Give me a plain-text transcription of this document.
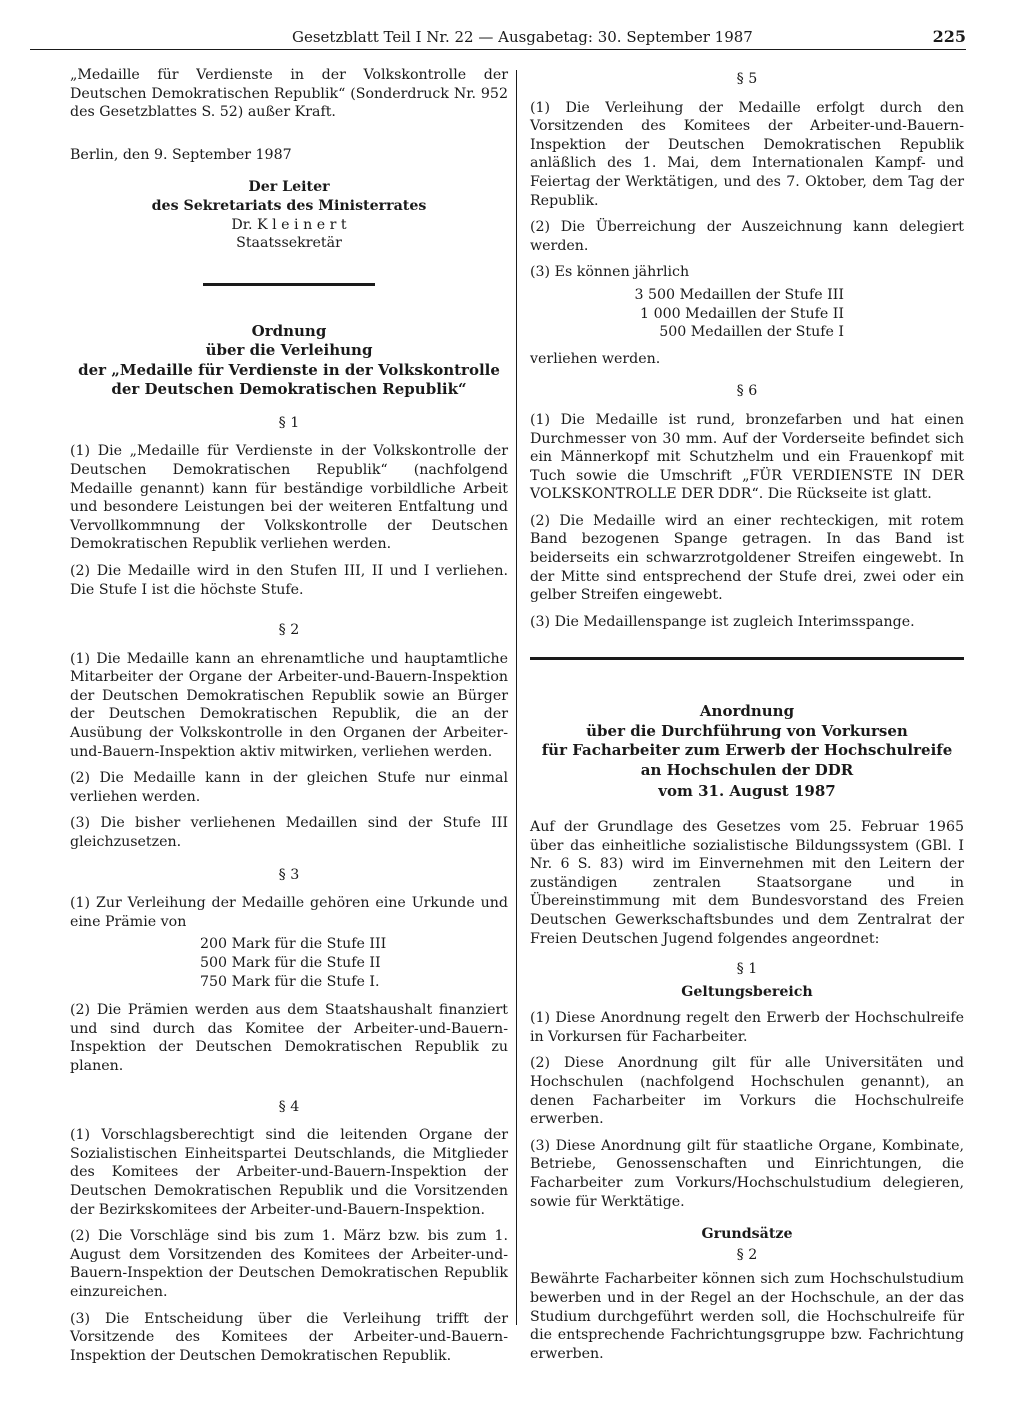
Gesetzblatt Teil I Nr. 22 — Ausgabetag: 30. September 1987	225

„Medaille für Verdienste in der Volkskontrolle der Deutschen Demokratischen Republik“ (Sonderdruck Nr. 952 des Gesetzblattes S. 52) außer Kraft.

Berlin, den 9. September 1987

Der Leiter
des Sekretariats des Ministerrates
Dr. K l e i n e r t
Staatssekretär
Ordnung
über die Verleihung
der „Medaille für Verdienste in der Volkskontrolle
der Deutschen Demokratischen Republik“
§ 1

(1) Die „Medaille für Verdienste in der Volkskontrolle der Deutschen Demokratischen Republik“ (nachfolgend Medaille genannt) kann für beständige vorbildliche Arbeit und besondere Leistungen bei der weiteren Entfaltung und Vervollkommnung der Volkskontrolle der Deutschen Demokratischen Republik verliehen werden.

(2) Die Medaille wird in den Stufen III, II und I verliehen. Die Stufe I ist die höchste Stufe.

§ 2

(1) Die Medaille kann an ehrenamtliche und hauptamtliche Mitarbeiter der Organe der Arbeiter-und-Bauern-Inspektion der Deutschen Demokratischen Republik sowie an Bürger der Deutschen Demokratischen Republik, die an der Ausübung der Volkskontrolle in den Organen der Arbeiter-und-Bauern-Inspektion aktiv mitwirken, verliehen werden.

(2) Die Medaille kann in der gleichen Stufe nur einmal verliehen werden.

(3) Die bisher verliehenen Medaillen sind der Stufe III gleichzusetzen.

§ 3

(1) Zur Verleihung der Medaille gehören eine Urkunde und eine Prämie von

200 Mark für die Stufe III
500 Mark für die Stufe II
750 Mark für die Stufe I.

(2) Die Prämien werden aus dem Staatshaushalt finanziert und sind durch das Komitee der Arbeiter-und-Bauern-Inspektion der Deutschen Demokratischen Republik zu planen.

§ 4

(1) Vorschlagsberechtigt sind die leitenden Organe der Sozialistischen Einheitspartei Deutschlands, die Mitglieder des Komitees der Arbeiter-und-Bauern-Inspektion der Deutschen Demokratischen Republik und die Vorsitzenden der Bezirkskomitees der Arbeiter-und-Bauern-Inspektion.

(2) Die Vorschläge sind bis zum 1. März bzw. bis zum 1. August dem Vorsitzenden des Komitees der Arbeiter-und-Bauern-Inspektion der Deutschen Demokratischen Republik einzureichen.

(3) Die Entscheidung über die Verleihung trifft der Vorsitzende des Komitees der Arbeiter-und-Bauern-Inspektion der Deutschen Demokratischen Republik.

§ 5

(1) Die Verleihung der Medaille erfolgt durch den Vorsitzenden des Komitees der Arbeiter-und-Bauern-Inspektion der Deutschen Demokratischen Republik anläßlich des 1. Mai, dem Internationalen Kampf- und Feiertag der Werktätigen, und des 7. Oktober, dem Tag der Republik.

(2) Die Überreichung der Auszeichnung kann delegiert werden.

(3) Es können jährlich

3 500 Medaillen der Stufe III
1 000 Medaillen der Stufe II
500 Medaillen der Stufe I

verliehen werden.

§ 6

(1) Die Medaille ist rund, bronzefarben und hat einen Durchmesser von 30 mm. Auf der Vorderseite befindet sich ein Männerkopf mit Schutzhelm und ein Frauenkopf mit Tuch sowie die Umschrift „FÜR VERDIENSTE IN DER VOLKSKONTROLLE DER DDR“. Die Rückseite ist glatt.

(2) Die Medaille wird an einer rechteckigen, mit rotem Band bezogenen Spange getragen. In das Band ist beiderseits ein schwarzrotgoldener Streifen eingewebt. In der Mitte sind entsprechend der Stufe drei, zwei oder ein gelber Streifen eingewebt.

(3) Die Medaillenspange ist zugleich Interimsspange.

Anordnung
über die Durchführung von Vorkursen
für Facharbeiter zum Erwerb der Hochschulreife
an Hochschulen der DDR
vom 31. August 1987

Auf der Grundlage des Gesetzes vom 25. Februar 1965 über das einheitliche sozialistische Bildungssystem (GBl. I Nr. 6 S. 83) wird im Einvernehmen mit den Leitern der zuständigen zentralen Staatsorgane und in Übereinstimmung mit dem Bundesvorstand des Freien Deutschen Gewerkschaftsbundes und dem Zentralrat der Freien Deutschen Jugend folgendes angeordnet:

§ 1
Geltungsbereich

(1) Diese Anordnung regelt den Erwerb der Hochschulreife in Vorkursen für Facharbeiter.

(2) Diese Anordnung gilt für alle Universitäten und Hochschulen (nachfolgend Hochschulen genannt), an denen Facharbeiter im Vorkurs die Hochschulreife erwerben.

(3) Diese Anordnung gilt für staatliche Organe, Kombinate, Betriebe, Genossenschaften und Einrichtungen, die Facharbeiter zum Vorkurs/Hochschulstudium delegieren, sowie für Werktätige.

Grundsätze
§ 2

Bewährte Facharbeiter können sich zum Hochschulstudium bewerben und in der Regel an der Hochschule, an der das Studium durchgeführt werden soll, die Hochschulreife für die entsprechende Fachrichtungsgruppe bzw. Fachrichtung erwerben.
